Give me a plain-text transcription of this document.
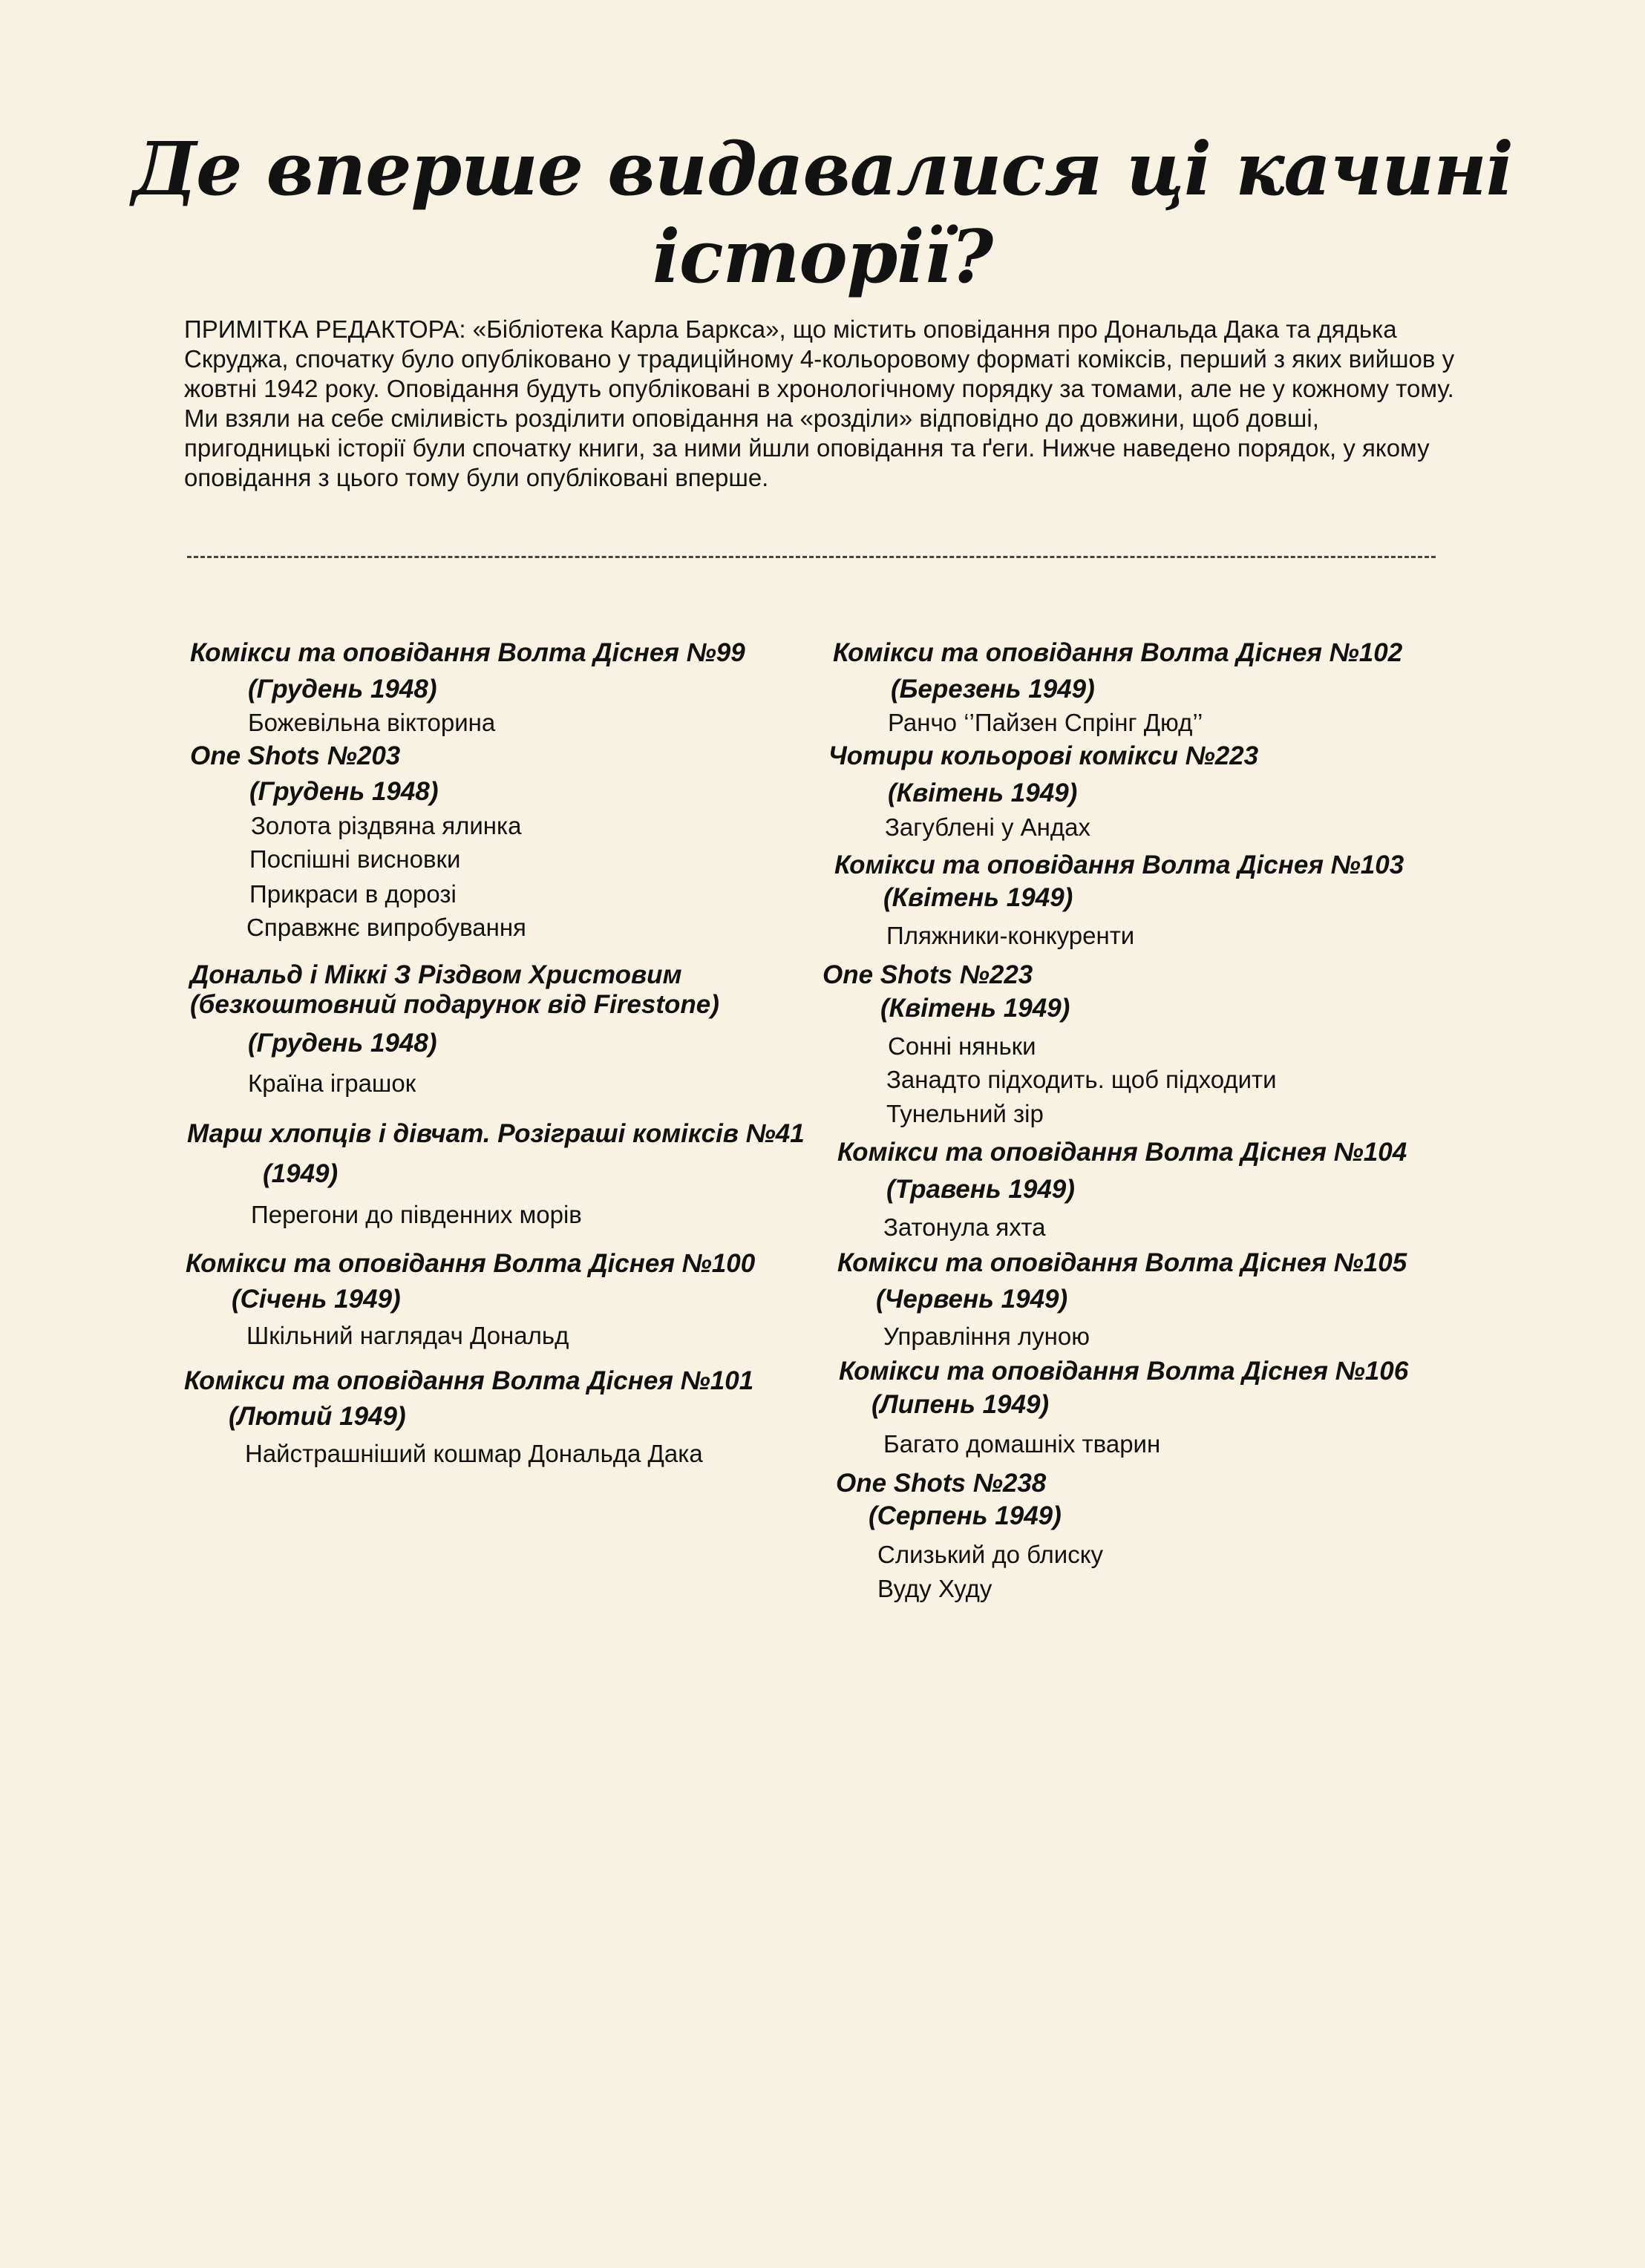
Де вперше видавалися ці качині історії?

ПРИМІТКА РЕДАКТОРА: «Бібліотека Карла Баркса», що містить оповідання про Дональда Дака та дядька Скруджа, спочатку було опубліковано у традиційному 4-кольоровому форматі коміксів, перший з яких вийшов у жовтні 1942 року. Оповідання будуть опубліковані в хронологічному порядку за томами, але не у кожному тому. Ми взяли на себе сміливість розділити оповідання на «розділи» відповідно до довжини, щоб довші, пригодницькі історії були спочатку книги, за ними йшли оповідання та ґеги. Нижче наведено порядок, у якому оповідання з цього тому були опубліковані вперше.

Комікси та оповідання Волта Діснея №99
(Грудень 1948)
Божевільна вікторина
One Shots №203
(Грудень 1948)
Золота різдвяна ялинка
Поспішні висновки
Прикраси в дорозі
Справжнє випробування
Дональд і Міккі З Різдвом Христовим
(безкоштовний подарунок від Firestone)
(Грудень 1948)
Країна іграшок
Марш хлопців і дівчат. Розіграші коміксів №41
(1949)
Перегони до південних морів
Комікси та оповідання Волта Діснея №100
(Січень 1949)
Шкільний наглядач Дональд
Комікси та оповідання Волта Діснея №101
(Лютий 1949)
Найстрашніший кошмар Дональда Дака
Комікси та оповідання Волта Діснея №102
(Березень 1949)
Ранчо ‘’Пайзен Спрінг Дюд’’
Чотири кольорові комікси №223
(Квітень 1949)
Загублені у Андах
Комікси та оповідання Волта Діснея №103
(Квітень 1949)
Пляжники-конкуренти
One Shots №223
(Квітень 1949)
Сонні няньки
Занадто підходить. щоб підходити
Тунельний зір
Комікси та оповідання Волта Діснея №104
(Травень 1949)
Затонула яхта
Комікси та оповідання Волта Діснея №105
(Червень 1949)
Управління луною
Комікси та оповідання Волта Діснея №106
(Липень 1949)
Багато домашніх тварин
One Shots №238
(Серпень 1949)
Слизький до блиску
Вуду Худу
